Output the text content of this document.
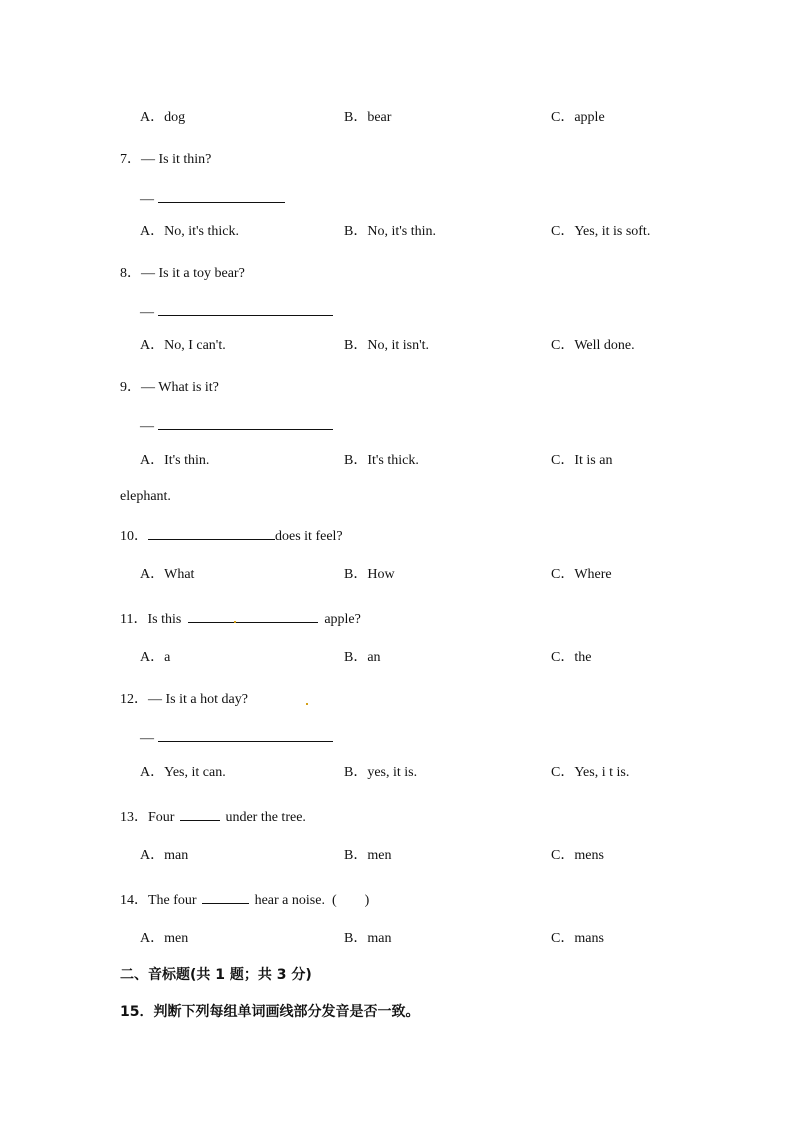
A．dog	B．bear	C．apple
7．— Is it thin?
—
A．No, it's thick.	B．No, it's thin.	C．Yes, it is soft.
8．— Is it a toy bear?
—
A．No, I can't.	B．No, it isn't.	C．Well done.
9．— What is it?
—
A．It's thin.	B．It's thick.	C．It is an
elephant.
10．	does it feel?
A．What	B．How	C．Where
11．Is this	apple?
A．a	B．an	C．the
12．— Is it a hot day?
—
A．Yes, it can.	B．yes, it is.	C．Yes, i t is.
13．Four	under the tree.
A．man	B．men	C．mens
14．The four	hear a noise.  (        )
A．men	B．man	C．mans
二、音标题(共 1 题；共 3 分)
15．判断下列每组单词画线部分发音是否一致。
